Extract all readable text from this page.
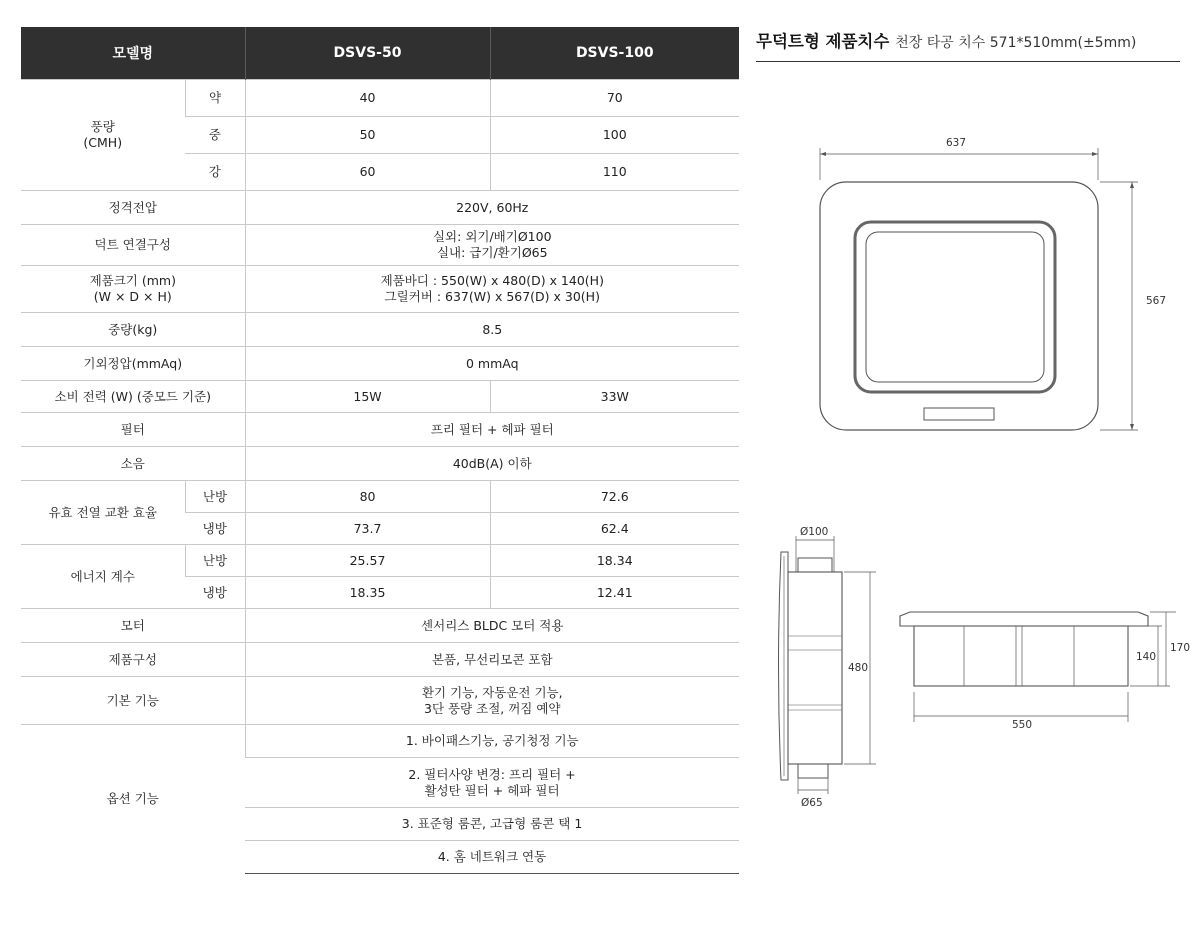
모델명		DSVS-50	DSVS-100
풍량
(CMH)	약	40	70
	중	50	100
	강	60	110
정격전압		220V, 60Hz	
덕트 연결구성		실외: 외기/배기Ø100
실내: 급기/환기Ø65	
제품크기 (mm)
(W × D × H)		제품바디 : 550(W) x 480(D) x 140(H)
그릴커버 : 637(W) x 567(D) x 30(H)	
중량(kg)		8.5	
기외정압(mmAq)		0 mmAq	
소비 전력 (W) (중모드 기준)		15W	33W
필터		프리 필터 + 헤파 필터	
소음		40dB(A) 이하	
유효 전열 교환 효율	난방	80	72.6
	냉방	73.7	62.4
에너지 계수	난방	25.57	18.34
	냉방	18.35	12.41
모터		센서리스 BLDC 모터 적용	
제품구성		본품, 무선리모콘 포함	
기본 기능		환기 기능, 자동운전 기능,
3단 풍량 조절, 꺼짐 예약	
옵션 기능		1. 바이패스기능, 공기청정 기능	
		2. 필터사양 변경: 프리 필터 +
활성탄 필터 + 헤파 필터	
		3. 표준형 룸콘, 고급형 룸콘 택 1	
		4. 홈 네트워크 연동	
무덕트형 제품치수 천장 타공 치수 571*510mm(±5mm)
637
567
Ø100
Ø65
480
550
140
170
